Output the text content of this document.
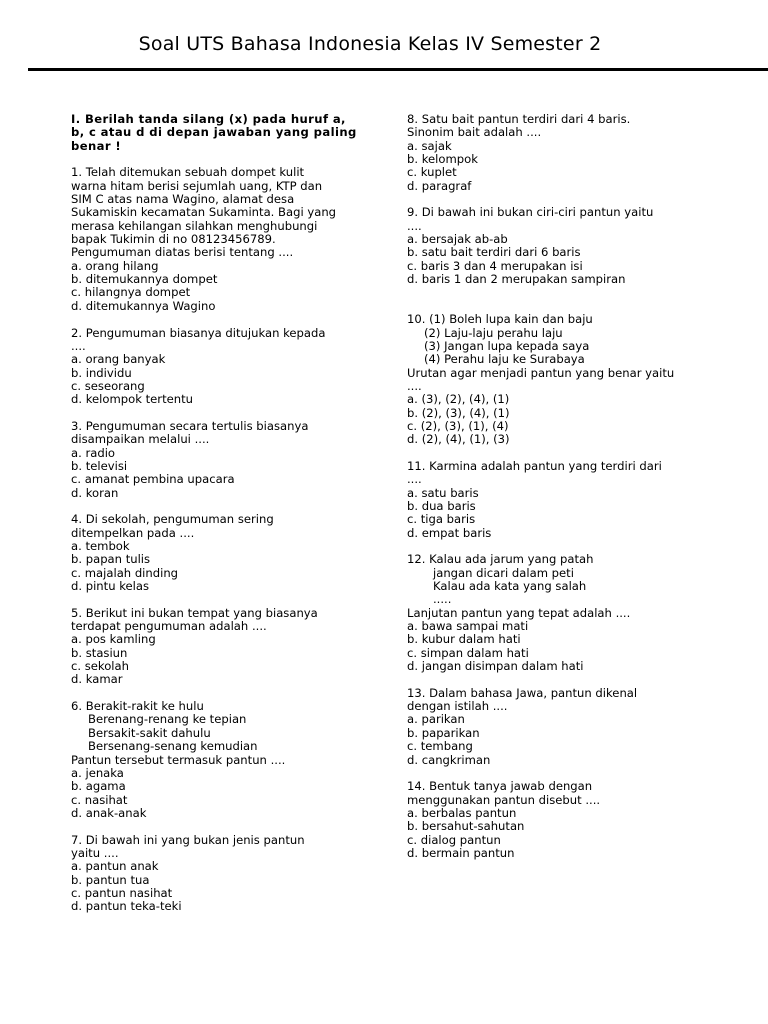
Soal UTS Bahasa Indonesia Kelas IV Semester 2
I. Berilah tanda silang (x) pada huruf a,
b, c atau d di depan jawaban yang paling
benar !
1. Telah ditemukan sebuah dompet kulit
warna hitam berisi sejumlah uang, KTP dan
SIM C atas nama Wagino, alamat desa
Sukamiskin kecamatan Sukaminta. Bagi yang
merasa kehilangan silahkan menghubungi
bapak Tukimin di no 08123456789.
Pengumuman diatas berisi tentang ....
a. orang hilang
b. ditemukannya dompet
c. hilangnya dompet
d. ditemukannya Wagino
2. Pengumuman biasanya ditujukan kepada
....
a. orang banyak
b. individu
c. seseorang
d. kelompok tertentu
3. Pengumuman secara tertulis biasanya
disampaikan melalui ....
a. radio
b. televisi
c. amanat pembina upacara
d. koran
4. Di sekolah, pengumuman sering
ditempelkan pada ....
a. tembok
b. papan tulis
c. majalah dinding
d. pintu kelas
5. Berikut ini bukan tempat yang biasanya
terdapat pengumuman adalah ....
a. pos kamling
b. stasiun
c. sekolah
d. kamar
6. Berakit-rakit ke hulu
Berenang-renang ke tepian
Bersakit-sakit dahulu
Bersenang-senang kemudian
Pantun tersebut termasuk pantun ....
a. jenaka
b. agama
c. nasihat
d. anak-anak
7. Di bawah ini yang bukan jenis pantun
yaitu ....
a. pantun anak
b. pantun tua
c. pantun nasihat
d. pantun teka-teki
8. Satu bait pantun terdiri dari 4 baris.
Sinonim bait adalah ....
a. sajak
b. kelompok
c. kuplet
d. paragraf
9. Di bawah ini bukan ciri-ciri pantun yaitu
....
a. bersajak ab-ab
b. satu bait terdiri dari 6 baris
c. baris 3 dan 4 merupakan isi
d. baris 1 dan 2 merupakan sampiran
10. (1) Boleh lupa kain dan baju
(2) Laju-laju perahu laju
(3) Jangan lupa kepada saya
(4) Perahu laju ke Surabaya
Urutan agar menjadi pantun yang benar yaitu
....
a. (3), (2), (4), (1)
b. (2), (3), (4), (1)
c. (2), (3), (1), (4)
d. (2), (4), (1), (3)
11. Karmina adalah pantun yang terdiri dari
....
a. satu baris
b. dua baris
c. tiga baris
d. empat baris
12. Kalau ada jarum yang patah
jangan dicari dalam peti
Kalau ada kata yang salah
.....
Lanjutan pantun yang tepat adalah ....
a. bawa sampai mati
b. kubur dalam hati
c. simpan dalam hati
d. jangan disimpan dalam hati
13. Dalam bahasa Jawa, pantun dikenal
dengan istilah ....
a. parikan
b. paparikan
c. tembang
d. cangkriman
14. Bentuk tanya jawab dengan
menggunakan pantun disebut ....
a. berbalas pantun
b. bersahut-sahutan
c. dialog pantun
d. bermain pantun
